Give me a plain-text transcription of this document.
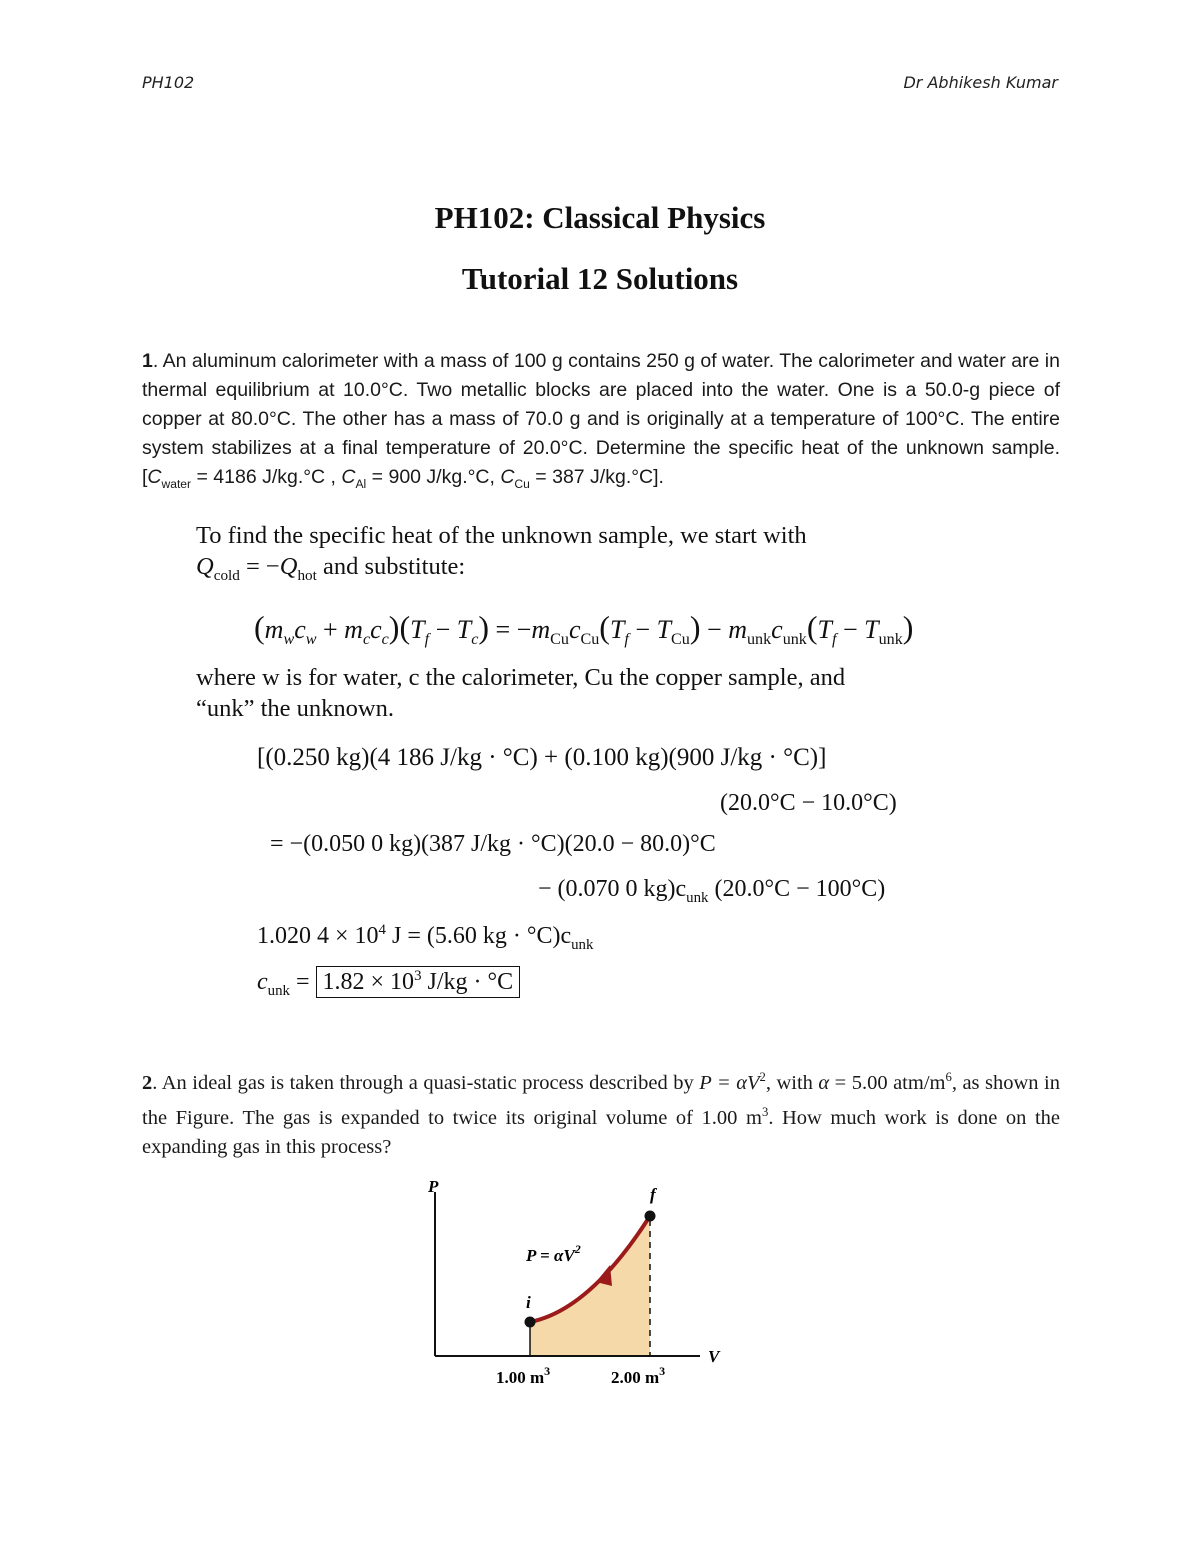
PH102	Dr Abhikesh Kumar
PH102: Classical Physics
Tutorial 12 Solutions
1. An aluminum calorimeter with a mass of 100 g contains 250 g of water. The calorimeter and water are in thermal equilibrium at 10.0°C. Two metallic blocks are placed into the water. One is a 50.0-g piece of copper at 80.0°C. The other has a mass of 70.0 g and is originally at a temperature of 100°C. The entire system stabilizes at a final temperature of 20.0°C. Determine the specific heat of the unknown sample. [$C_{water} = 4186$ J/kg.°C , $C_{Al} = 900$ J/kg.°C, $C_{Cu} = 387$ J/kg.°C].
To find the specific heat of the unknown sample, we start with
$Q_{cold} = -Q_{hot}$ and substitute:
$(m_wc_w + m_cc_c)(T_f - T_c) = -m_{Cu}c_{Cu}(T_f - T_{Cu}) - m_{unk}c_{unk}(T_f - T_{unk})$
where w is for water, c the calorimeter, Cu the copper sample, and
“unk” the unknown.
[(0.250 kg)(4 186 J/kg · °C) + (0.100 kg)(900 J/kg · °C)]
(20.0°C − 10.0°C)
= −(0.050 0 kg)(387 J/kg · °C)(20.0 − 80.0)°C
− (0.070 0 $kg)c_{unk}$ (20.0°C − 100°C)
1.020 $4 \times 10^4$ J = (5.60 kg · $^\circ C)c_{unk}$
$c_{unk} = 1.82 \times 10^3$ J/kg · °C
2. An ideal gas is taken through a quasi-static process described by $P = \alpha V^2$, with α = 5.00 atm/$m^6$, as shown in the Figure. The gas is expanded to twice its original volume of 1.00 $m^3$. How much work is done on the expanding gas in this process?
P
V
i
f
$P = \alpha V^2$
1.00 $m^3$	2.00 $m^3$
